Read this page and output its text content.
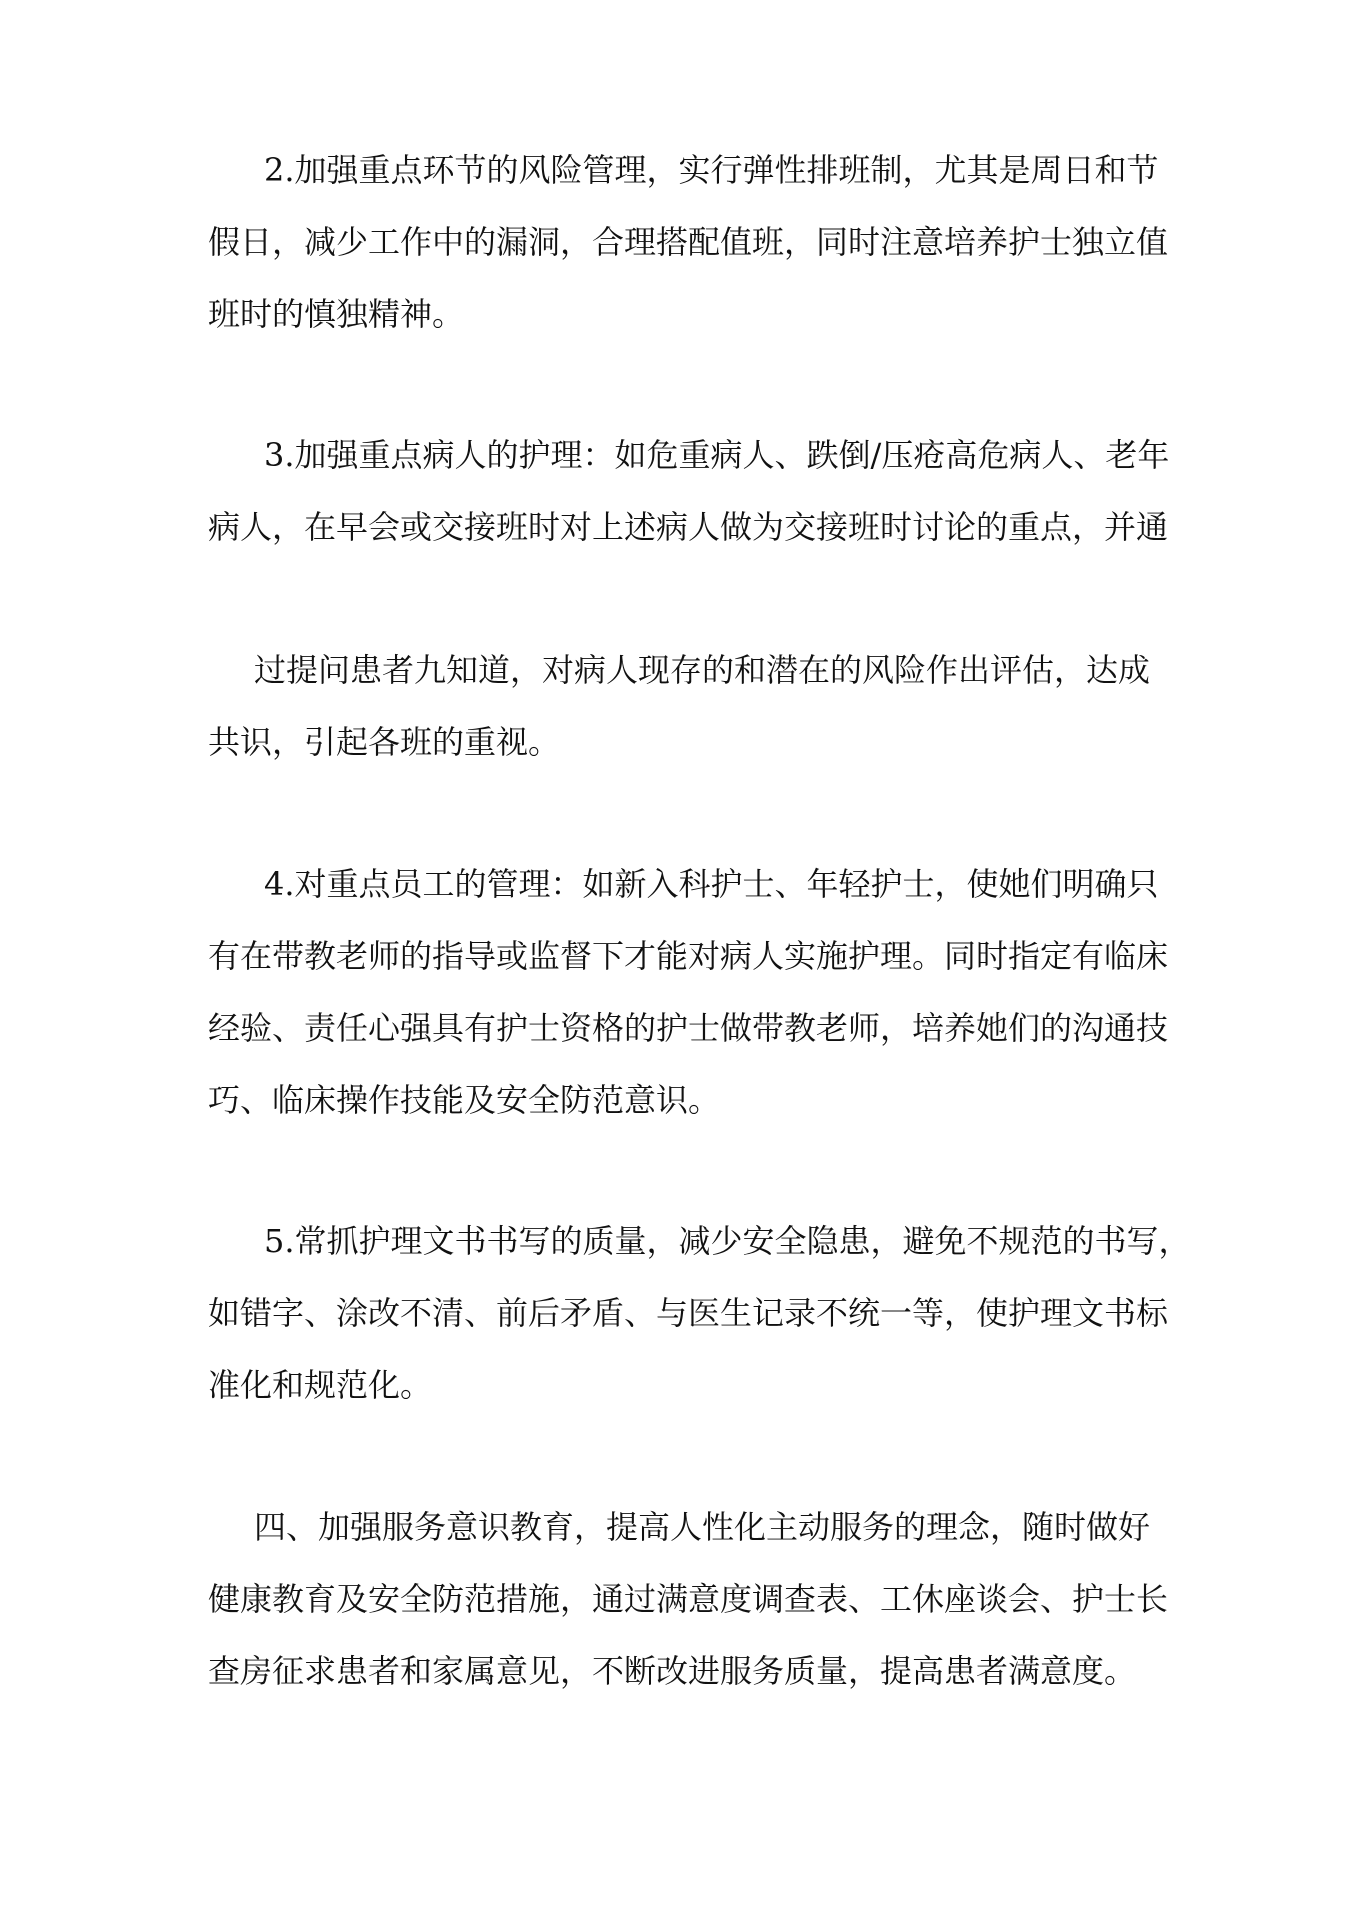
2.加强重点环节的风险管理，实行弹性排班制，尤其是周日和节

假日，减少工作中的漏洞，合理搭配值班，同时注意培养护士独立值

班时的慎独精神。

3.加强重点病人的护理：如危重病人、跌倒/压疮高危病人、老年

病人，在早会或交接班时对上述病人做为交接班时讨论的重点，并通

过提问患者九知道，对病人现存的和潜在的风险作出评估，达成

共识，引起各班的重视。

4.对重点员工的管理：如新入科护士、年轻护士，使她们明确只

有在带教老师的指导或监督下才能对病人实施护理。同时指定有临床

经验、责任心强具有护士资格的护士做带教老师，培养她们的沟通技

巧、临床操作技能及安全防范意识。

5.常抓护理文书书写的质量，减少安全隐患，避免不规范的书写，

如错字、涂改不清、前后矛盾、与医生记录不统一等，使护理文书标

准化和规范化。

四、加强服务意识教育，提高人性化主动服务的理念，随时做好

健康教育及安全防范措施，通过满意度调查表、工休座谈会、护士长

查房征求患者和家属意见，不断改进服务质量，提高患者满意度。
